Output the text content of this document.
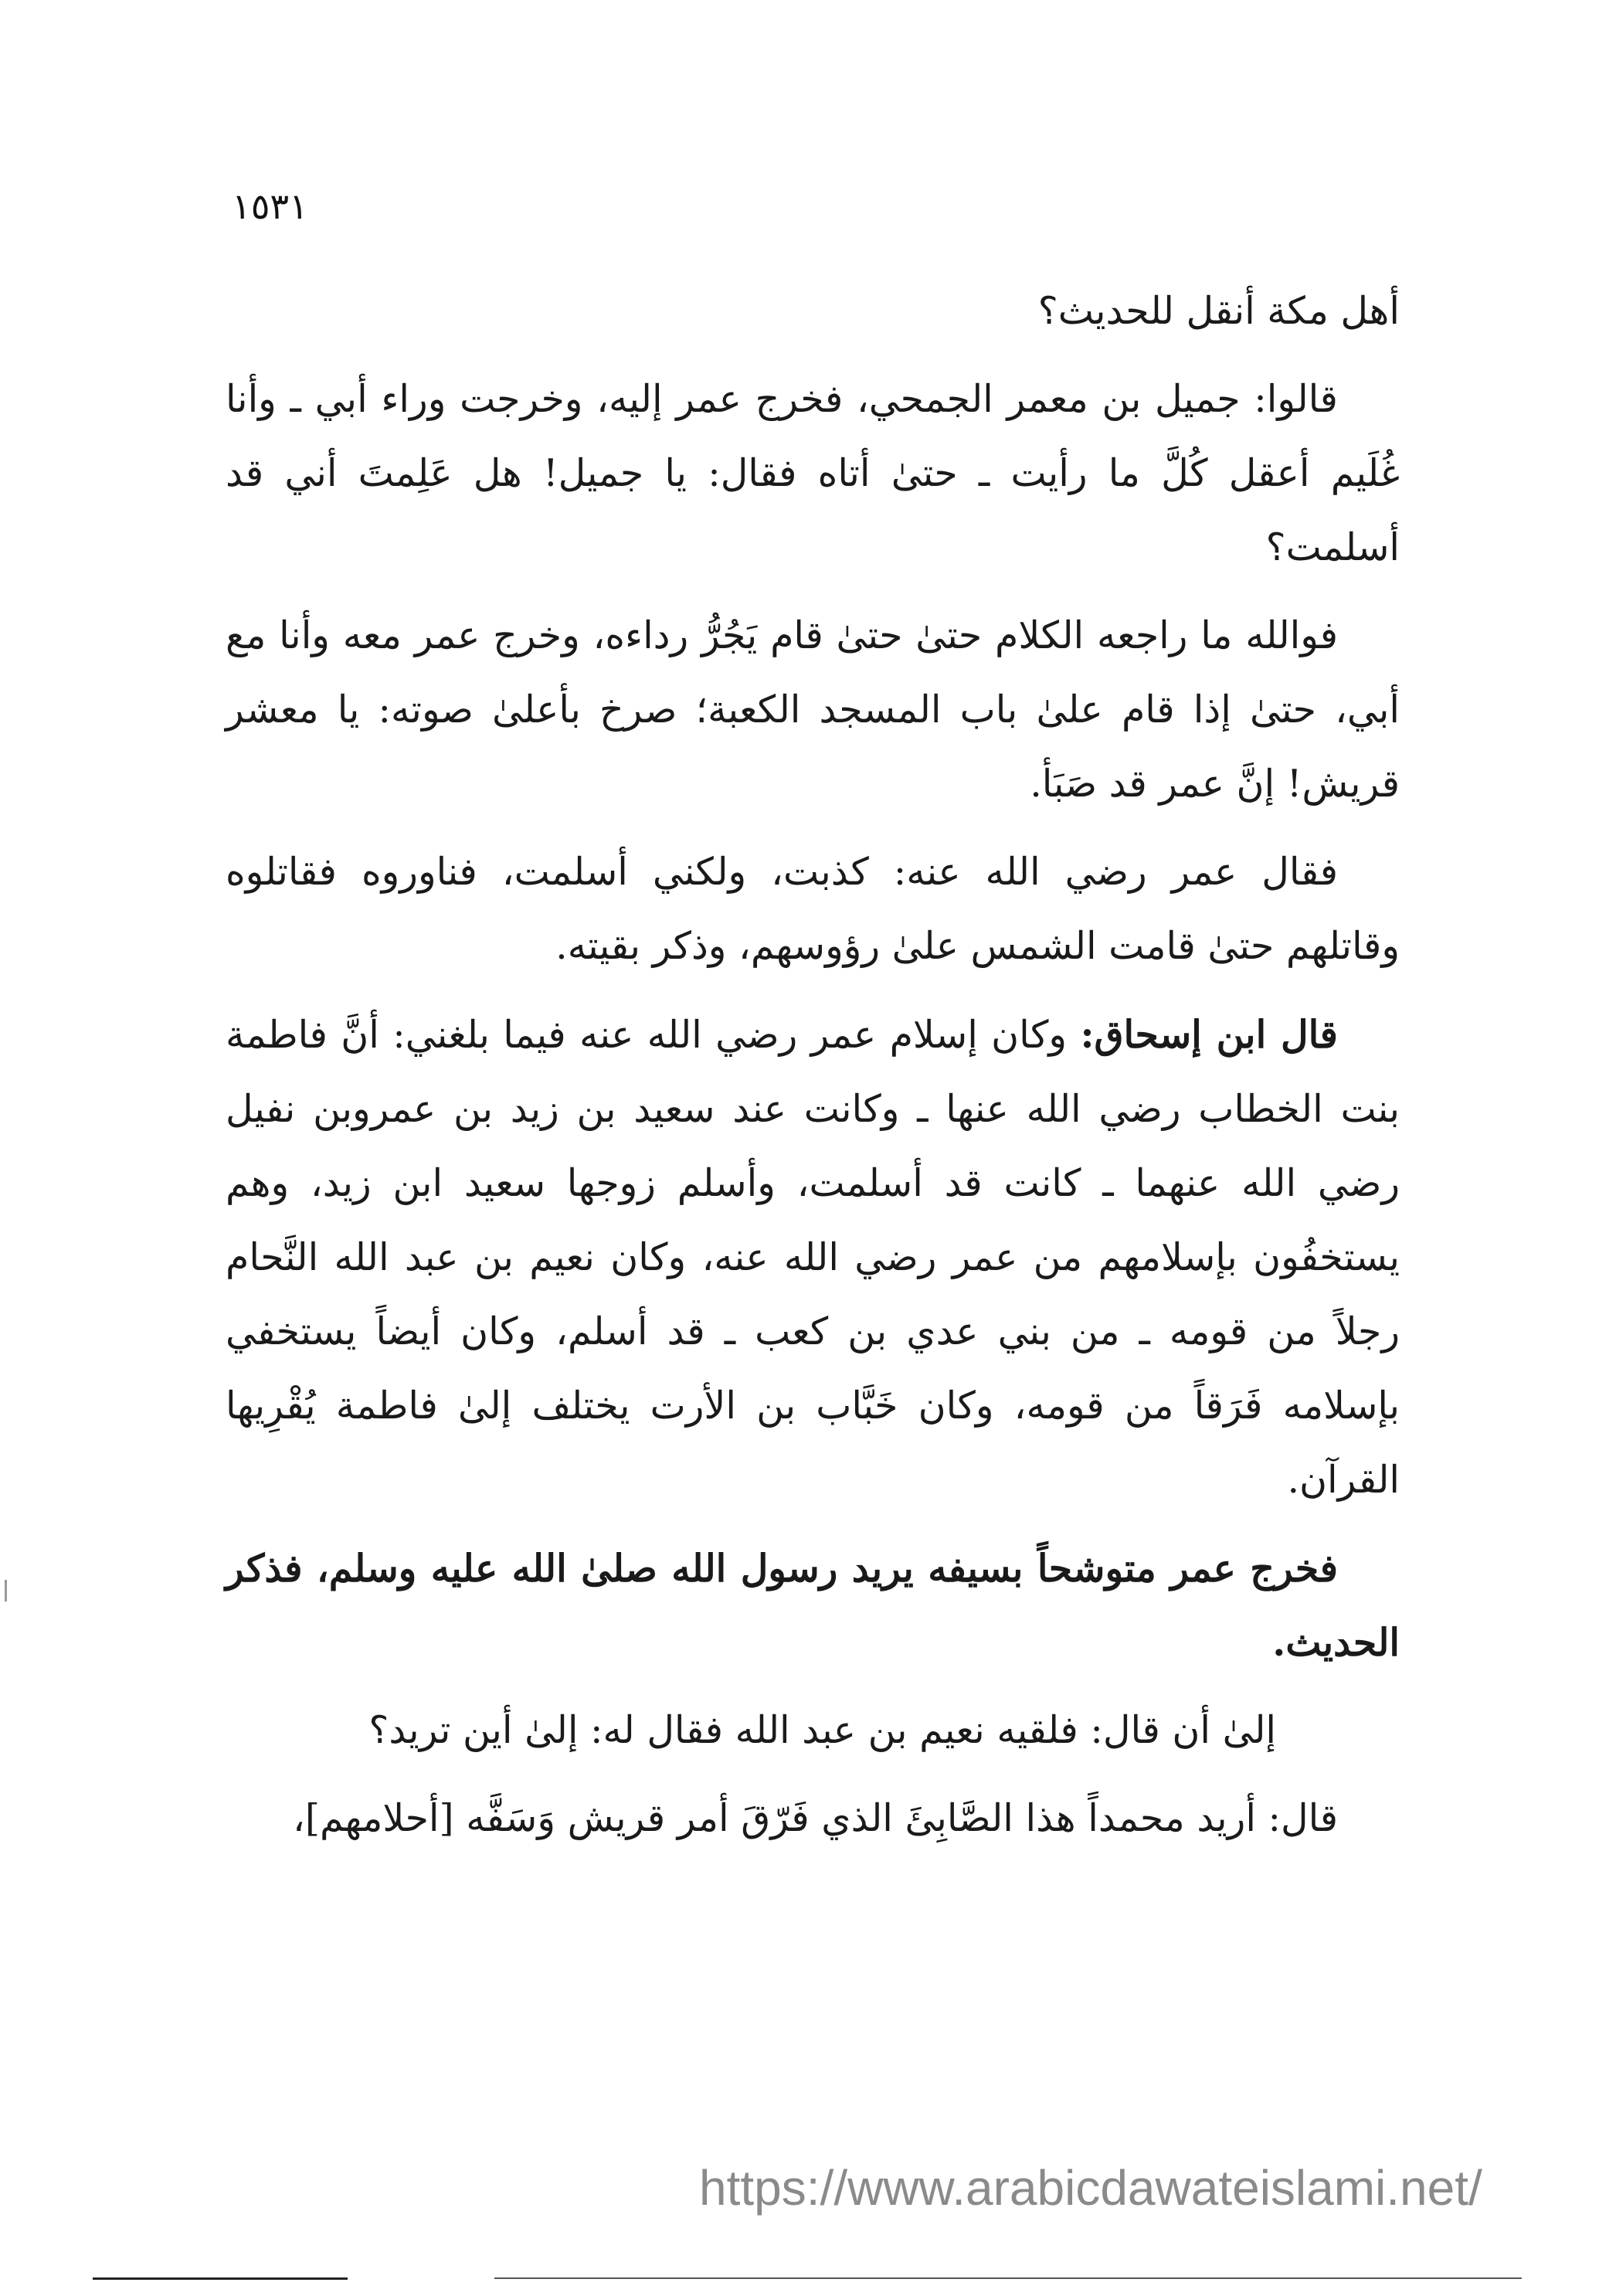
١٥٣١

أهل مكة أنقل للحديث؟

قالوا: جميل بن معمر الجمحي، فخرج عمر إليه، وخرجت وراء أبي ـ وأنا غُلَيم أعقل كُلَّ ما رأيت ـ حتىٰ أتاه فقال: يا جميل! هل عَلِمتَ أني قد أسلمت؟

فوالله ما راجعه الكلام حتىٰ حتىٰ قام يَجُرُّ رداءه، وخرج عمر معه وأنا مع أبي، حتىٰ إذا قام علىٰ باب المسجد الكعبة؛ صرخ بأعلىٰ صوته: يا معشر قريش! إنَّ عمر قد صَبَأ.

فقال عمر رضي الله عنه: كذبت، ولكني أسلمت، فناوروه فقاتلوه وقاتلهم حتىٰ قامت الشمس علىٰ رؤوسهم، وذكر بقيته.

قال ابن إسحاق: وكان إسلام عمر رضي الله عنه فيما بلغني: أنَّ فاطمة بنت الخطاب رضي الله عنها ـ وكانت عند سعيد بن زيد بن عمروبن نفيل رضي الله عنهما ـ كانت قد أسلمت، وأسلم زوجها سعيد ابن زيد، وهم يستخفُون بإسلامهم من عمر رضي الله عنه، وكان نعيم بن عبد الله النَّحام رجلاً من قومه ـ من بني عدي بن كعب ـ قد أسلم، وكان أيضاً يستخفي بإسلامه فَرَقاً من قومه، وكان خَبَّاب بن الأرت يختلف إلىٰ فاطمة يُقْرِيها القرآن.

فخرج عمر متوشحاً بسيفه يريد رسول الله صلىٰ الله عليه وسلم، فذكر الحديث.

إلىٰ أن قال: فلقيه نعيم بن عبد الله فقال له: إلىٰ أين تريد؟

قال: أريد محمداً هذا الصَّابِئَ الذي فَرّقَ أمر قريش وَسَفَّه [أحلامهم]،

https://www.arabicdawateislami.net/
